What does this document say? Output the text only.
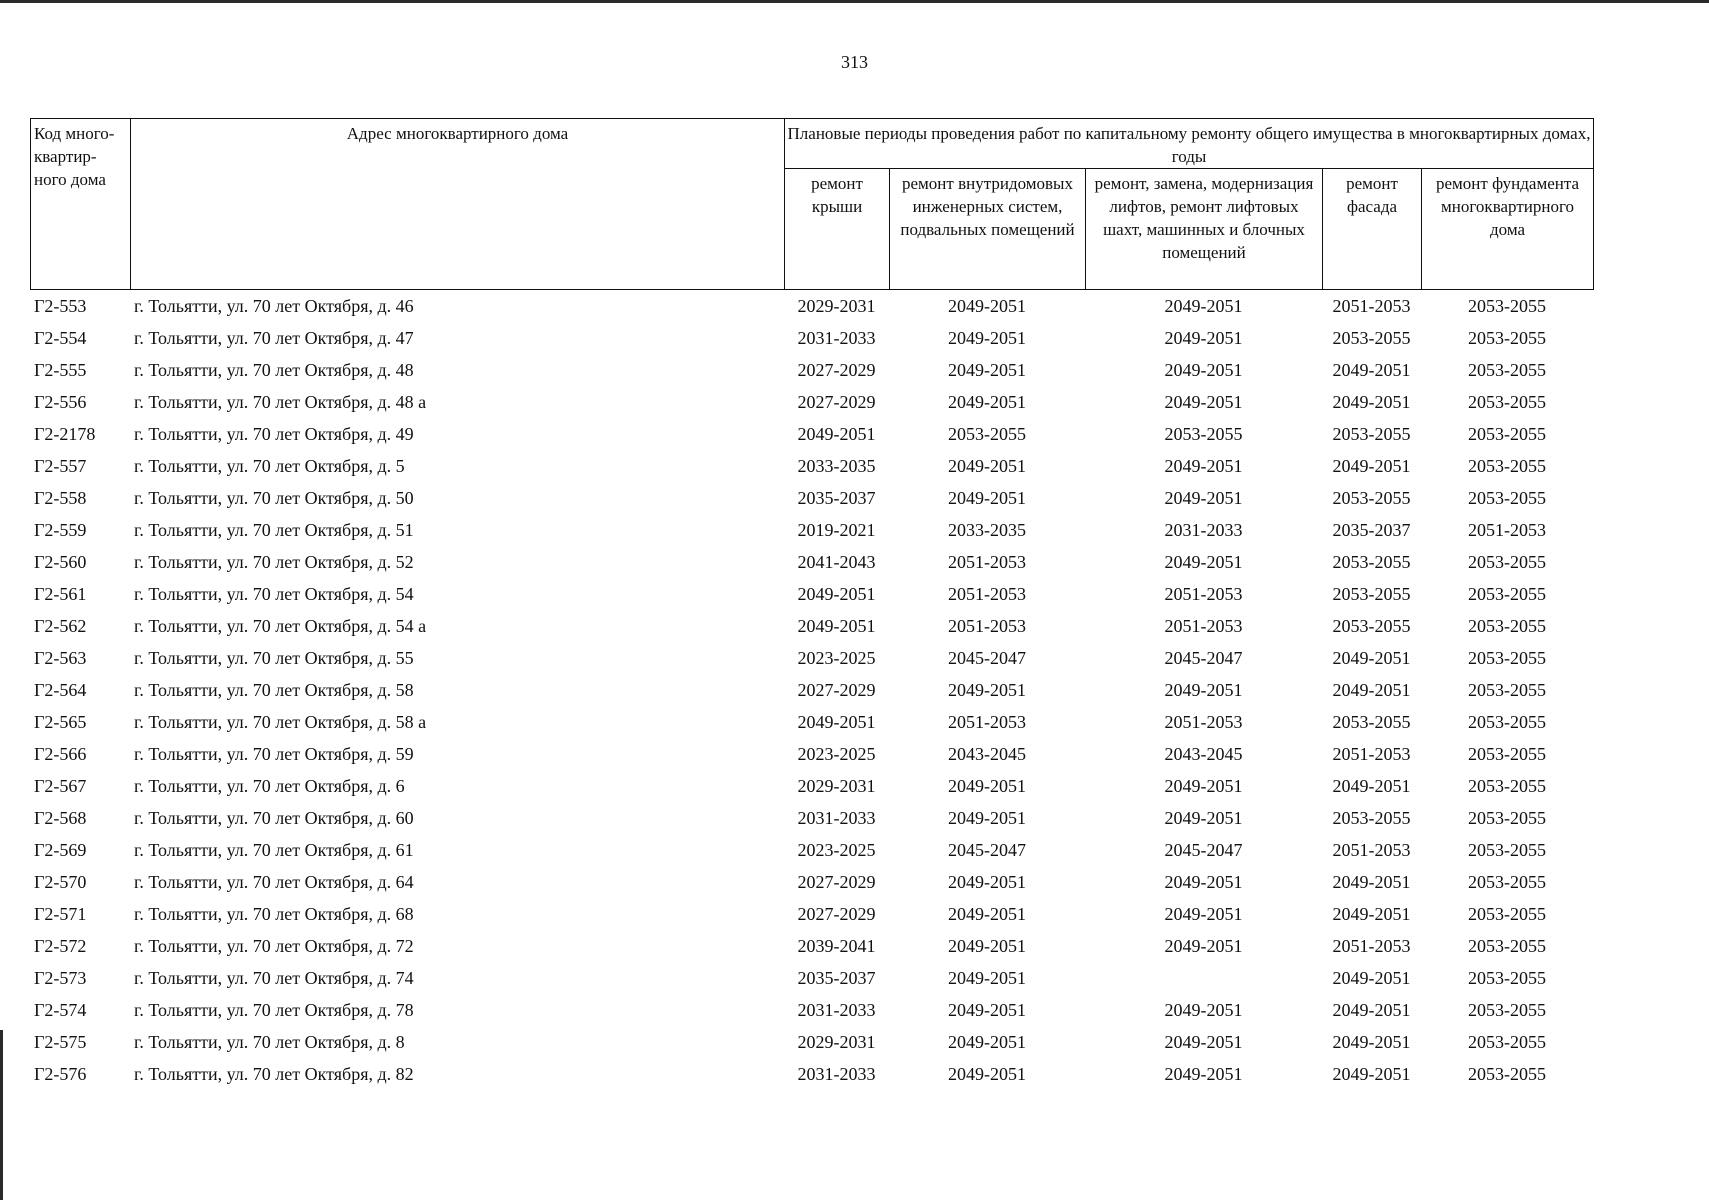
313
Код много-квартир-ного дома	Адрес многоквартирного дома	Плановые периоды проведения работ по капитальному ремонту общего имущества в многоквартирных домах, годы				
		ремонт крыши	ремонт внутридомовых инженерных систем, подвальных помещений	ремонт, замена, модернизация лифтов, ремонт лифтовых шахт, машинных и блочных помещений	ремонт фасада	ремонт фундамента многоквартирного дома
Г2-553	г. Тольятти, ул. 70 лет Октября, д. 46	2029-2031	2049-2051	2049-2051	2051-2053	2053-2055
Г2-554	г. Тольятти, ул. 70 лет Октября, д. 47	2031-2033	2049-2051	2049-2051	2053-2055	2053-2055
Г2-555	г. Тольятти, ул. 70 лет Октября, д. 48	2027-2029	2049-2051	2049-2051	2049-2051	2053-2055
Г2-556	г. Тольятти, ул. 70 лет Октября, д. 48 а	2027-2029	2049-2051	2049-2051	2049-2051	2053-2055
Г2-2178	г. Тольятти, ул. 70 лет Октября, д. 49	2049-2051	2053-2055	2053-2055	2053-2055	2053-2055
Г2-557	г. Тольятти, ул. 70 лет Октября, д. 5	2033-2035	2049-2051	2049-2051	2049-2051	2053-2055
Г2-558	г. Тольятти, ул. 70 лет Октября, д. 50	2035-2037	2049-2051	2049-2051	2053-2055	2053-2055
Г2-559	г. Тольятти, ул. 70 лет Октября, д. 51	2019-2021	2033-2035	2031-2033	2035-2037	2051-2053
Г2-560	г. Тольятти, ул. 70 лет Октября, д. 52	2041-2043	2051-2053	2049-2051	2053-2055	2053-2055
Г2-561	г. Тольятти, ул. 70 лет Октября, д. 54	2049-2051	2051-2053	2051-2053	2053-2055	2053-2055
Г2-562	г. Тольятти, ул. 70 лет Октября, д. 54 а	2049-2051	2051-2053	2051-2053	2053-2055	2053-2055
Г2-563	г. Тольятти, ул. 70 лет Октября, д. 55	2023-2025	2045-2047	2045-2047	2049-2051	2053-2055
Г2-564	г. Тольятти, ул. 70 лет Октября, д. 58	2027-2029	2049-2051	2049-2051	2049-2051	2053-2055
Г2-565	г. Тольятти, ул. 70 лет Октября, д. 58 а	2049-2051	2051-2053	2051-2053	2053-2055	2053-2055
Г2-566	г. Тольятти, ул. 70 лет Октября, д. 59	2023-2025	2043-2045	2043-2045	2051-2053	2053-2055
Г2-567	г. Тольятти, ул. 70 лет Октября, д. 6	2029-2031	2049-2051	2049-2051	2049-2051	2053-2055
Г2-568	г. Тольятти, ул. 70 лет Октября, д. 60	2031-2033	2049-2051	2049-2051	2053-2055	2053-2055
Г2-569	г. Тольятти, ул. 70 лет Октября, д. 61	2023-2025	2045-2047	2045-2047	2051-2053	2053-2055
Г2-570	г. Тольятти, ул. 70 лет Октября, д. 64	2027-2029	2049-2051	2049-2051	2049-2051	2053-2055
Г2-571	г. Тольятти, ул. 70 лет Октября, д. 68	2027-2029	2049-2051	2049-2051	2049-2051	2053-2055
Г2-572	г. Тольятти, ул. 70 лет Октября, д. 72	2039-2041	2049-2051	2049-2051	2051-2053	2053-2055
Г2-573	г. Тольятти, ул. 70 лет Октября, д. 74	2035-2037	2049-2051		2049-2051	2053-2055
Г2-574	г. Тольятти, ул. 70 лет Октября, д. 78	2031-2033	2049-2051	2049-2051	2049-2051	2053-2055
Г2-575	г. Тольятти, ул. 70 лет Октября, д. 8	2029-2031	2049-2051	2049-2051	2049-2051	2053-2055
Г2-576	г. Тольятти, ул. 70 лет Октября, д. 82	2031-2033	2049-2051	2049-2051	2049-2051	2053-2055
